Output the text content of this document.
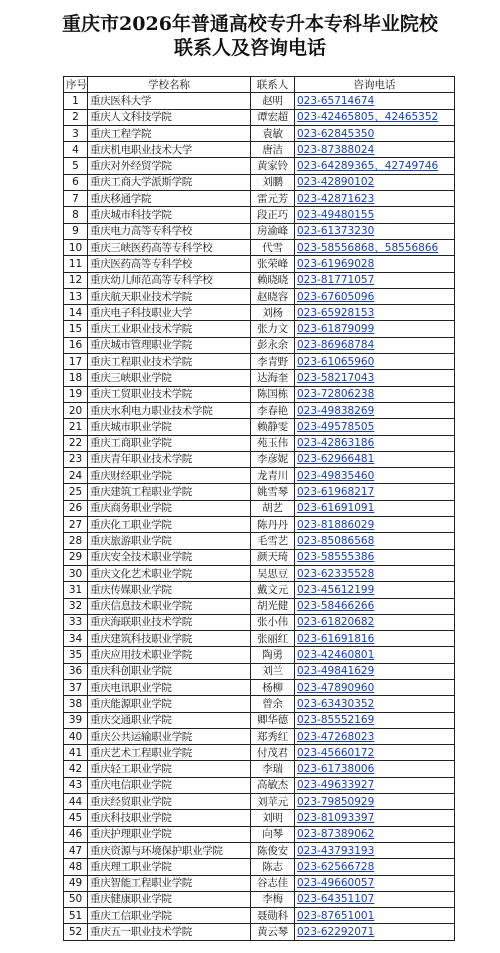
重庆市2026年普通高校专升本专科毕业院校
联系人及咨询电话
序号	学校名称	联系人	咨询电话
1	重庆医科大学	赵明	023-65714674
2	重庆人文科技学院	谭宏超	023-42465805、42465352
3	重庆工程学院	袁敏	023-62845350
4	重庆机电职业技术大学	唐洁	023-87388024
5	重庆对外经贸学院	黄家铃	023-64289365、42749746
6	重庆工商大学派斯学院	刘鹏	023-42890102
7	重庆移通学院	雷元芳	023-42871623
8	重庆城市科技学院	段正巧	023-49480155
9	重庆电力高等专科学校	房渝峰	023-61373230
10	重庆三峡医药高等专科学校	代雪	023-58556868、58556866
11	重庆医药高等专科学校	张荣峰	023-61969028
12	重庆幼儿师范高等专科学校	赖晓晓	023-81771057
13	重庆航天职业技术学院	赵晓容	023-67605096
14	重庆电子科技职业大学	刘杨	023-65928153
15	重庆工业职业技术学院	张力文	023-61879099
16	重庆城市管理职业学院	彭永余	023-86968784
17	重庆工程职业技术学院	李青野	023-61065960
18	重庆三峡职业学院	达海奎	023-58217043
19	重庆工贸职业技术学院	陈国栋	023-72806238
20	重庆水利电力职业技术学院	李春艳	023-49838269
21	重庆城市职业学院	赖静雯	023-49578505
22	重庆工商职业学院	苑玉伟	023-42863186
23	重庆青年职业技术学院	李彦妮	023-62966481
24	重庆财经职业学院	龙青川	023-49835460
25	重庆建筑工程职业学院	姚雪琴	023-61968217
26	重庆商务职业学院	胡艺	023-61691091
27	重庆化工职业学院	陈丹丹	023-81886029
28	重庆旅游职业学院	毛雪艺	023-85086568
29	重庆安全技术职业学院	颜天琦	023-58555386
30	重庆文化艺术职业学院	吴思豆	023-62335528
31	重庆传媒职业学院	戴文元	023-45612199
32	重庆信息技术职业学院	胡光健	023-58466266
33	重庆海联职业技术学院	张小伟	023-61820682
34	重庆建筑科技职业学院	张丽红	023-61691816
35	重庆应用技术职业学院	陶勇	023-42460801
36	重庆科创职业学院	刘兰	023-49841629
37	重庆电讯职业学院	杨柳	023-47890960
38	重庆能源职业学院	曾余	023-63430352
39	重庆交通职业学院	卿华德	023-85552169
40	重庆公共运输职业学院	郑秀红	023-47268023
41	重庆艺术工程职业学院	付茂君	023-45660172
42	重庆轻工职业学院	李瑞	023-61738006
43	重庆电信职业学院	高敏杰	023-49633927
44	重庆经贸职业学院	刘苹元	023-79850929
45	重庆科技职业学院	刘明	023-81093397
46	重庆护理职业学院	向琴	023-87389062
47	重庆资源与环境保护职业学院	陈俊安	023-43793193
48	重庆理工职业学院	陈志	023-62566728
49	重庆智能工程职业学院	谷志佳	023-49660057
50	重庆健康职业学院	李梅	023-64351107
51	重庆工信职业学院	聂勋科	023-87651001
52	重庆五一职业技术学院	黄云琴	023-62292071
